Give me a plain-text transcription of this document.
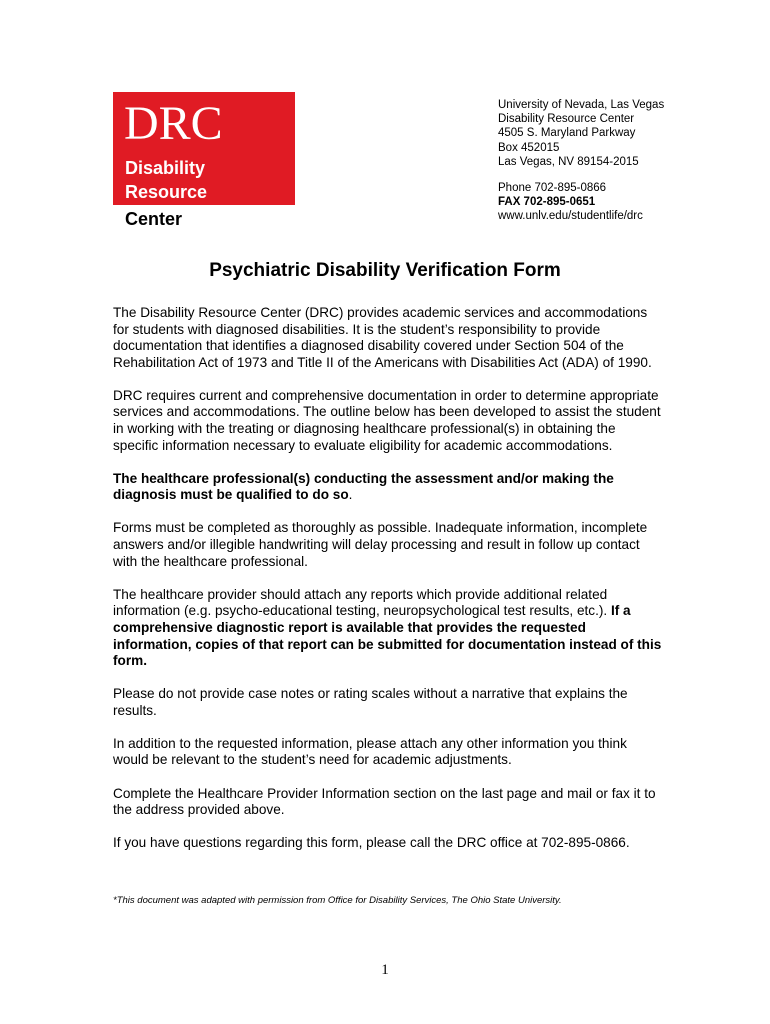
DRC
Disability
Resource
Center
University of Nevada, Las Vegas
Disability Resource Center
4505 S. Maryland Parkway
Box 452015
Las Vegas, NV 89154-2015
Phone 702-895-0866
FAX 702-895-0651
www.unlv.edu/studentlife/drc
Psychiatric Disability Verification Form

The Disability Resource Center (DRC) provides academic services and accommodations for students with diagnosed disabilities. It is the student’s responsibility to provide documentation that identifies a diagnosed disability covered under Section 504 of the Rehabilitation Act of 1973 and Title II of the Americans with Disabilities Act (ADA) of 1990.

DRC requires current and comprehensive documentation in order to determine appropriate services and accommodations. The outline below has been developed to assist the student in working with the treating or diagnosing healthcare professional(s) in obtaining the specific information necessary to evaluate eligibility for academic accommodations.

The healthcare professional(s) conducting the assessment and/or making the diagnosis must be qualified to do so.

Forms must be completed as thoroughly as possible. Inadequate information, incomplete answers and/or illegible handwriting will delay processing and result in follow up contact with the healthcare professional.

The healthcare provider should attach any reports which provide additional related information (e.g. psycho-educational testing, neuropsychological test results, etc.). If a comprehensive diagnostic report is available that provides the requested information, copies of that report can be submitted for documentation instead of this form.

Please do not provide case notes or rating scales without a narrative that explains the results.

In addition to the requested information, please attach any other information you think would be relevant to the student’s need for academic adjustments.

Complete the Healthcare Provider Information section on the last page and mail or fax it to the address provided above.

If you have questions regarding this form, please call the DRC office at 702-895-0866.

*This document was adapted with permission from Office for Disability Services, The Ohio State University.
1
